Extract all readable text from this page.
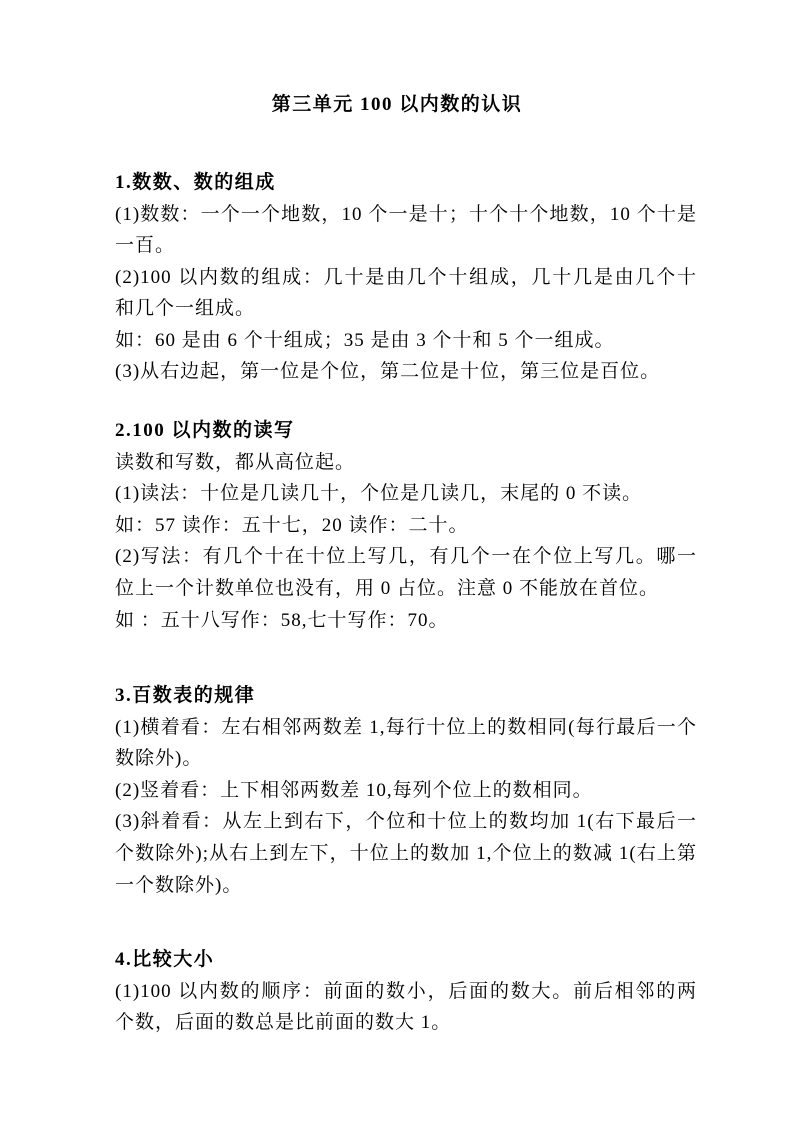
第三单元 100 以内数的认识
1.数数、数的组成

(1)数数：一个一个地数，10 个一是十；十个十个地数，10 个十是一百。

(2)100 以内数的组成：几十是由几个十组成，几十几是由几个十和几个一组成。

如：60 是由 6 个十组成；35 是由 3 个十和 5 个一组成。

(3)从右边起，第一位是个位，第二位是十位，第三位是百位。

2.100 以内数的读写

读数和写数，都从高位起。

(1)读法：十位是几读几十，个位是几读几，末尾的 0 不读。

如：57 读作：五十七，20 读作：二十。

(2)写法：有几个十在十位上写几，有几个一在个位上写几。哪一位上一个计数单位也没有，用 0 占位。注意 0 不能放在首位。

如 ：五十八写作：58,七十写作：70。

3.百数表的规律

(1)横着看：左右相邻两数差 1,每行十位上的数相同(每行最后一个数除外)。

(2)竖着看：上下相邻两数差 10,每列个位上的数相同。

(3)斜着看：从左上到右下，个位和十位上的数均加 1(右下最后一个数除外);从右上到左下，十位上的数加 1,个位上的数减 1(右上第一个数除外)。

4.比较大小

(1)100 以内数的顺序：前面的数小，后面的数大。前后相邻的两个数，后面的数总是比前面的数大 1。
